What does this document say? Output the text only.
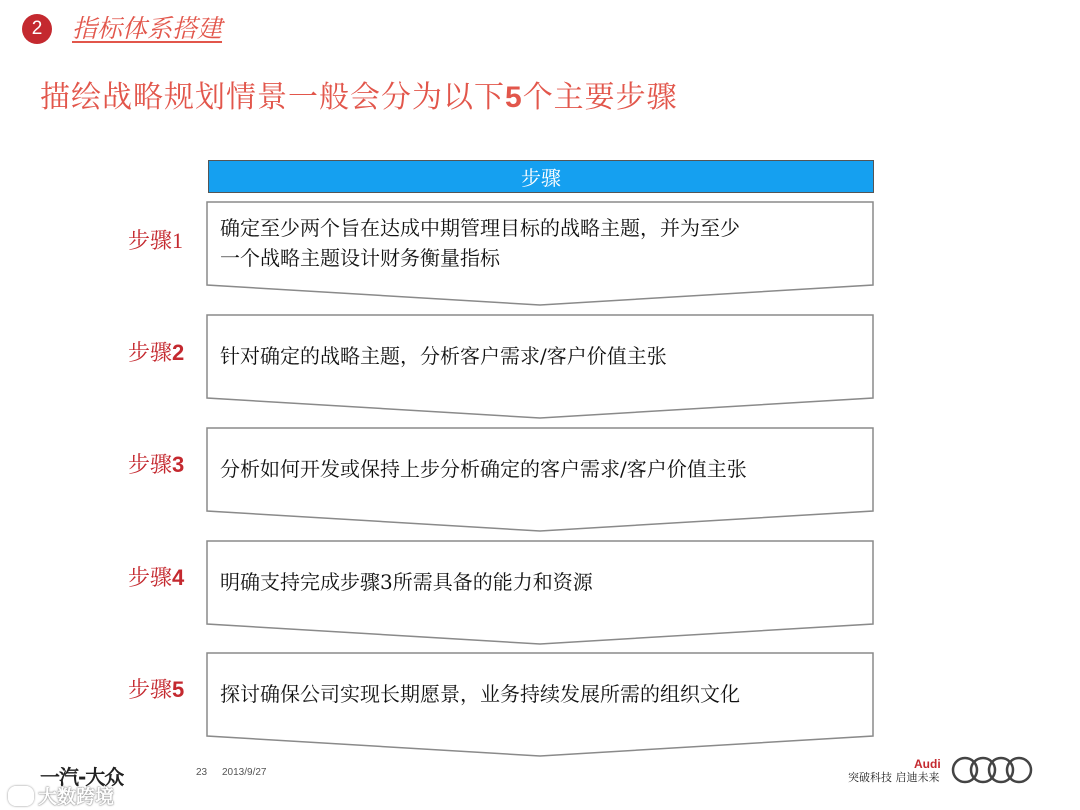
2	指标体系搭建
描绘战略规划情景一般会分为以下5个主要步骤
步骤
步骤1 确定至少两个旨在达成中期管理目标的战略主题，并为至少
一个战略主题设计财务衡量指标
步骤2 针对确定的战略主题，分析客户需求/客户价值主张
步骤3 分析如何开发或保持上步分析确定的客户需求/客户价值主张
步骤4 明确支持完成步骤3所需具备的能力和资源
步骤5 探讨确保公司实现长期愿景，业务持续发展所需的组织文化
一汽-大众	23 2013/9/27
大数跨境
Audi
突破科技 启迪未来
